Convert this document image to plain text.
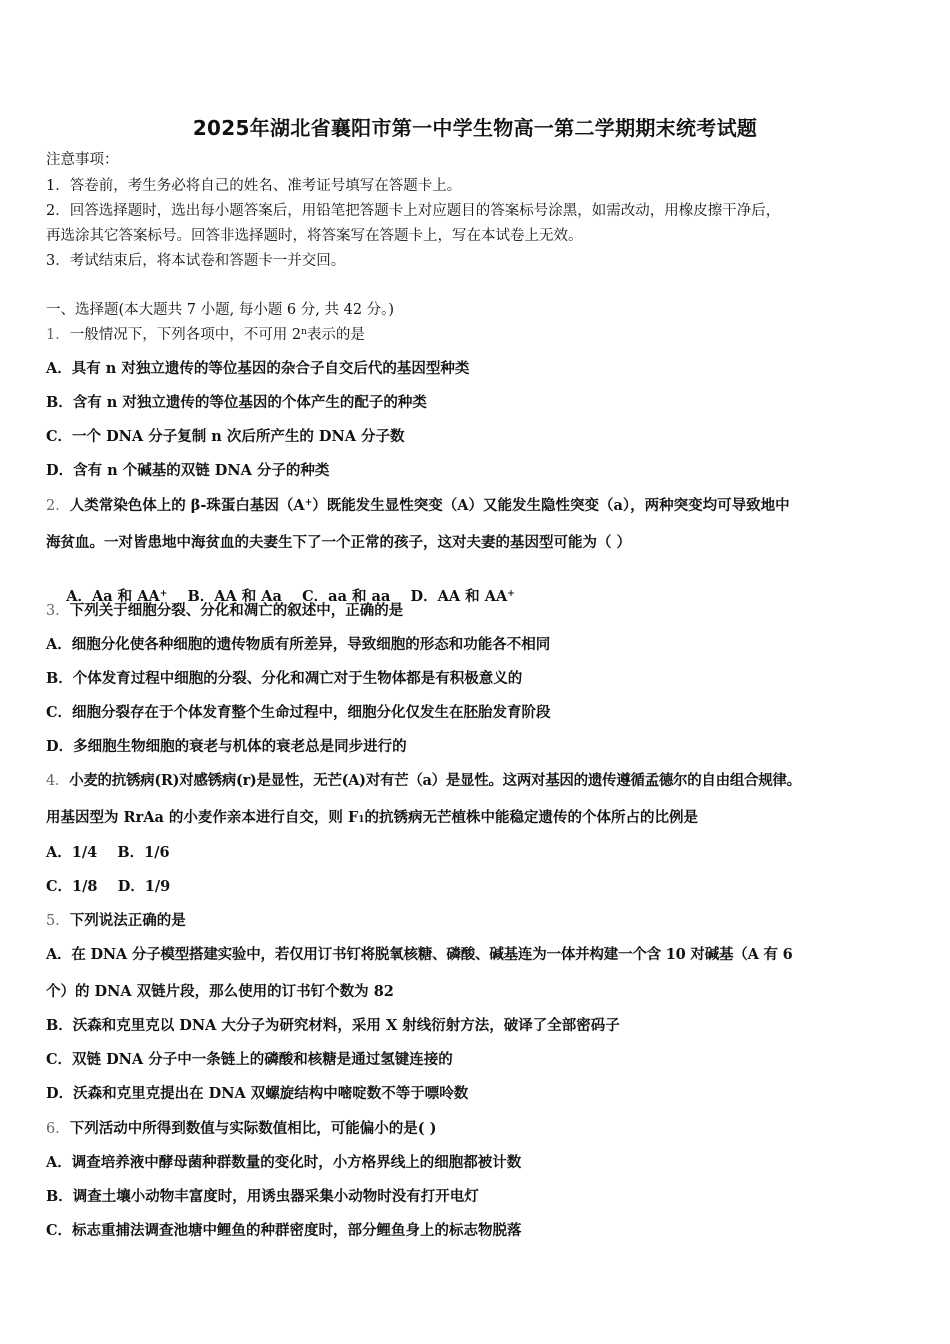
2025年湖北省襄阳市第一中学生物高一第二学期期末统考试题
注意事项：
1．答卷前，考生务必将自己的姓名、准考证号填写在答题卡上。
2．回答选择题时，选出每小题答案后，用铅笔把答题卡上对应题目的答案标号涂黑，如需改动，用橡皮擦干净后，
再选涂其它答案标号。回答非选择题时，将答案写在答题卡上，写在本试卷上无效。
3．考试结束后，将本试卷和答题卡一并交回。
一、选择题(本大题共 7 小题, 每小题 6 分, 共 42 分。)
1．一般情况下，下列各项中，不可用 2$^n$表示的是
A．具有 n 对独立遗传的等位基因的杂合子自交后代的基因型种类
B．含有 n 对独立遗传的等位基因的个体产生的配子的种类
C．一个 DNA 分子复制 n 次后所产生的 DNA 分子数
D．含有 n 个碱基的双链 DNA 分子的种类
2．人类常染色体上的 β-珠蛋白基因（A+）既能发生显性突变（A）又能发生隐性突变（a），两种突变均可导致地中
海贫血。一对皆患地中海贫血的夫妻生下了一个正常的孩子，这对夫妻的基因型可能为（ ）

A．Aa 和 AA+    B．AA 和 Aa    C．aa 和 aa    D．AA 和 AA+

3．下列关于细胞分裂、分化和凋亡的叙述中，正确的是
A．细胞分化使各种细胞的遗传物质有所差异，导致细胞的形态和功能各不相同
B．个体发育过程中细胞的分裂、分化和凋亡对于生物体都是有积极意义的
C．细胞分裂存在于个体发育整个生命过程中，细胞分化仅发生在胚胎发育阶段
D．多细胞生物细胞的衰老与机体的衰老总是同步进行的
4．小麦的抗锈病(R)对感锈病(r)是显性，无芒(A)对有芒（a）是显性。这两对基因的遗传遵循孟德尔的自由组合规律。
用基因型为 RrAa 的小麦作亲本进行自交，则 $F_1$的抗锈病无芒植株中能稳定遗传的个体所占的比例是
A．1/4    B．1/6
C．1/8    D．1/9
5．下列说法正确的是
A．在 DNA 分子模型搭建实验中，若仅用订书钉将脱氧核糖、磷酸、碱基连为一体并构建一个含 10 对碱基（A 有 6
个）的 DNA 双链片段，那么使用的订书钉个数为 82
B．沃森和克里克以 DNA 大分子为研究材料，采用 X 射线衍射方法，破译了全部密码子
C．双链 DNA 分子中一条链上的磷酸和核糖是通过氢键连接的
D．沃森和克里克提出在 DNA 双螺旋结构中嘧啶数不等于嘌呤数
6．下列活动中所得到数值与实际数值相比，可能偏小的是( )
A．调查培养液中酵母菌种群数量的变化时，小方格界线上的细胞都被计数
B．调查土壤小动物丰富度时，用诱虫器采集小动物时没有打开电灯
C．标志重捕法调查池塘中鲤鱼的种群密度时，部分鲤鱼身上的标志物脱落
